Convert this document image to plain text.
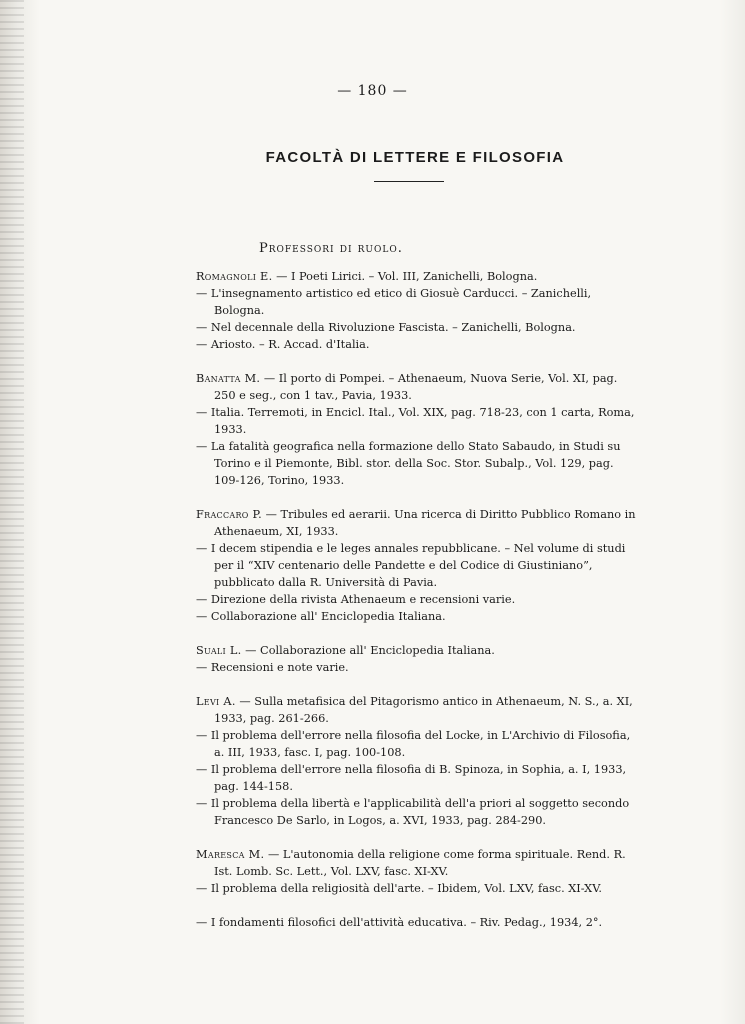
— 180 —
FACOLTÀ DI LETTERE E FILOSOFIA
Professori di ruolo.
Romagnoli E. — I Poeti Lirici. – Vol. III, Zanichelli, Bologna.
— L'insegnamento artistico ed etico di Giosuè Carducci. – Zanichelli,
Bologna.
— Nel decennale della Rivoluzione Fascista. – Zanichelli, Bologna.
— Ariosto. – R. Accad. d'Italia.
Banatta M. — Il porto di Pompei. – Athenaeum, Nuova Serie, Vol. XI, pag.
250 e seg., con 1 tav., Pavia, 1933.
— Italia. Terremoti, in Encicl. Ital., Vol. XIX, pag. 718-23, con 1 carta, Roma,
1933.
— La fatalità geografica nella formazione dello Stato Sabaudo, in Studi su
Torino e il Piemonte, Bibl. stor. della Soc. Stor. Subalp., Vol. 129, pag.
109-126, Torino, 1933.
Fraccaro P. — Tribules ed aerarii. Una ricerca di Diritto Pubblico Romano in
Athenaeum, XI, 1933.
— I decem stipendia e le leges annales repubblicane. – Nel volume di studi
per il “XIV centenario delle Pandette e del Codice di Giustiniano”,
pubblicato dalla R. Università di Pavia.
— Direzione della rivista Athenaeum e recensioni varie.
— Collaborazione all' Enciclopedia Italiana.
Suali L. — Collaborazione all' Enciclopedia Italiana.
— Recensioni e note varie.
Levi A. — Sulla metafisica del Pitagorismo antico in Athenaeum, N. S., a. XI,
1933, pag. 261-266.
— Il problema dell'errore nella filosofia del Locke, in L'Archivio di Filosofia,
a. III, 1933, fasc. I, pag. 100-108.
— Il problema dell'errore nella filosofia di B. Spinoza, in Sophia, a. I, 1933,
pag. 144-158.
— Il problema della libertà e l'applicabilità dell'a priori al soggetto secondo
Francesco De Sarlo, in Logos, a. XVI, 1933, pag. 284-290.
Maresca M. — L'autonomia della religione come forma spirituale. Rend. R.
Ist. Lomb. Sc. Lett., Vol. LXV, fasc. XI-XV.
— Il problema della religiosità dell'arte. – Ibidem, Vol. LXV, fasc. XI-XV.
— I fondamenti filosofici dell'attività educativa. – Riv. Pedag., 1934, 2°.
